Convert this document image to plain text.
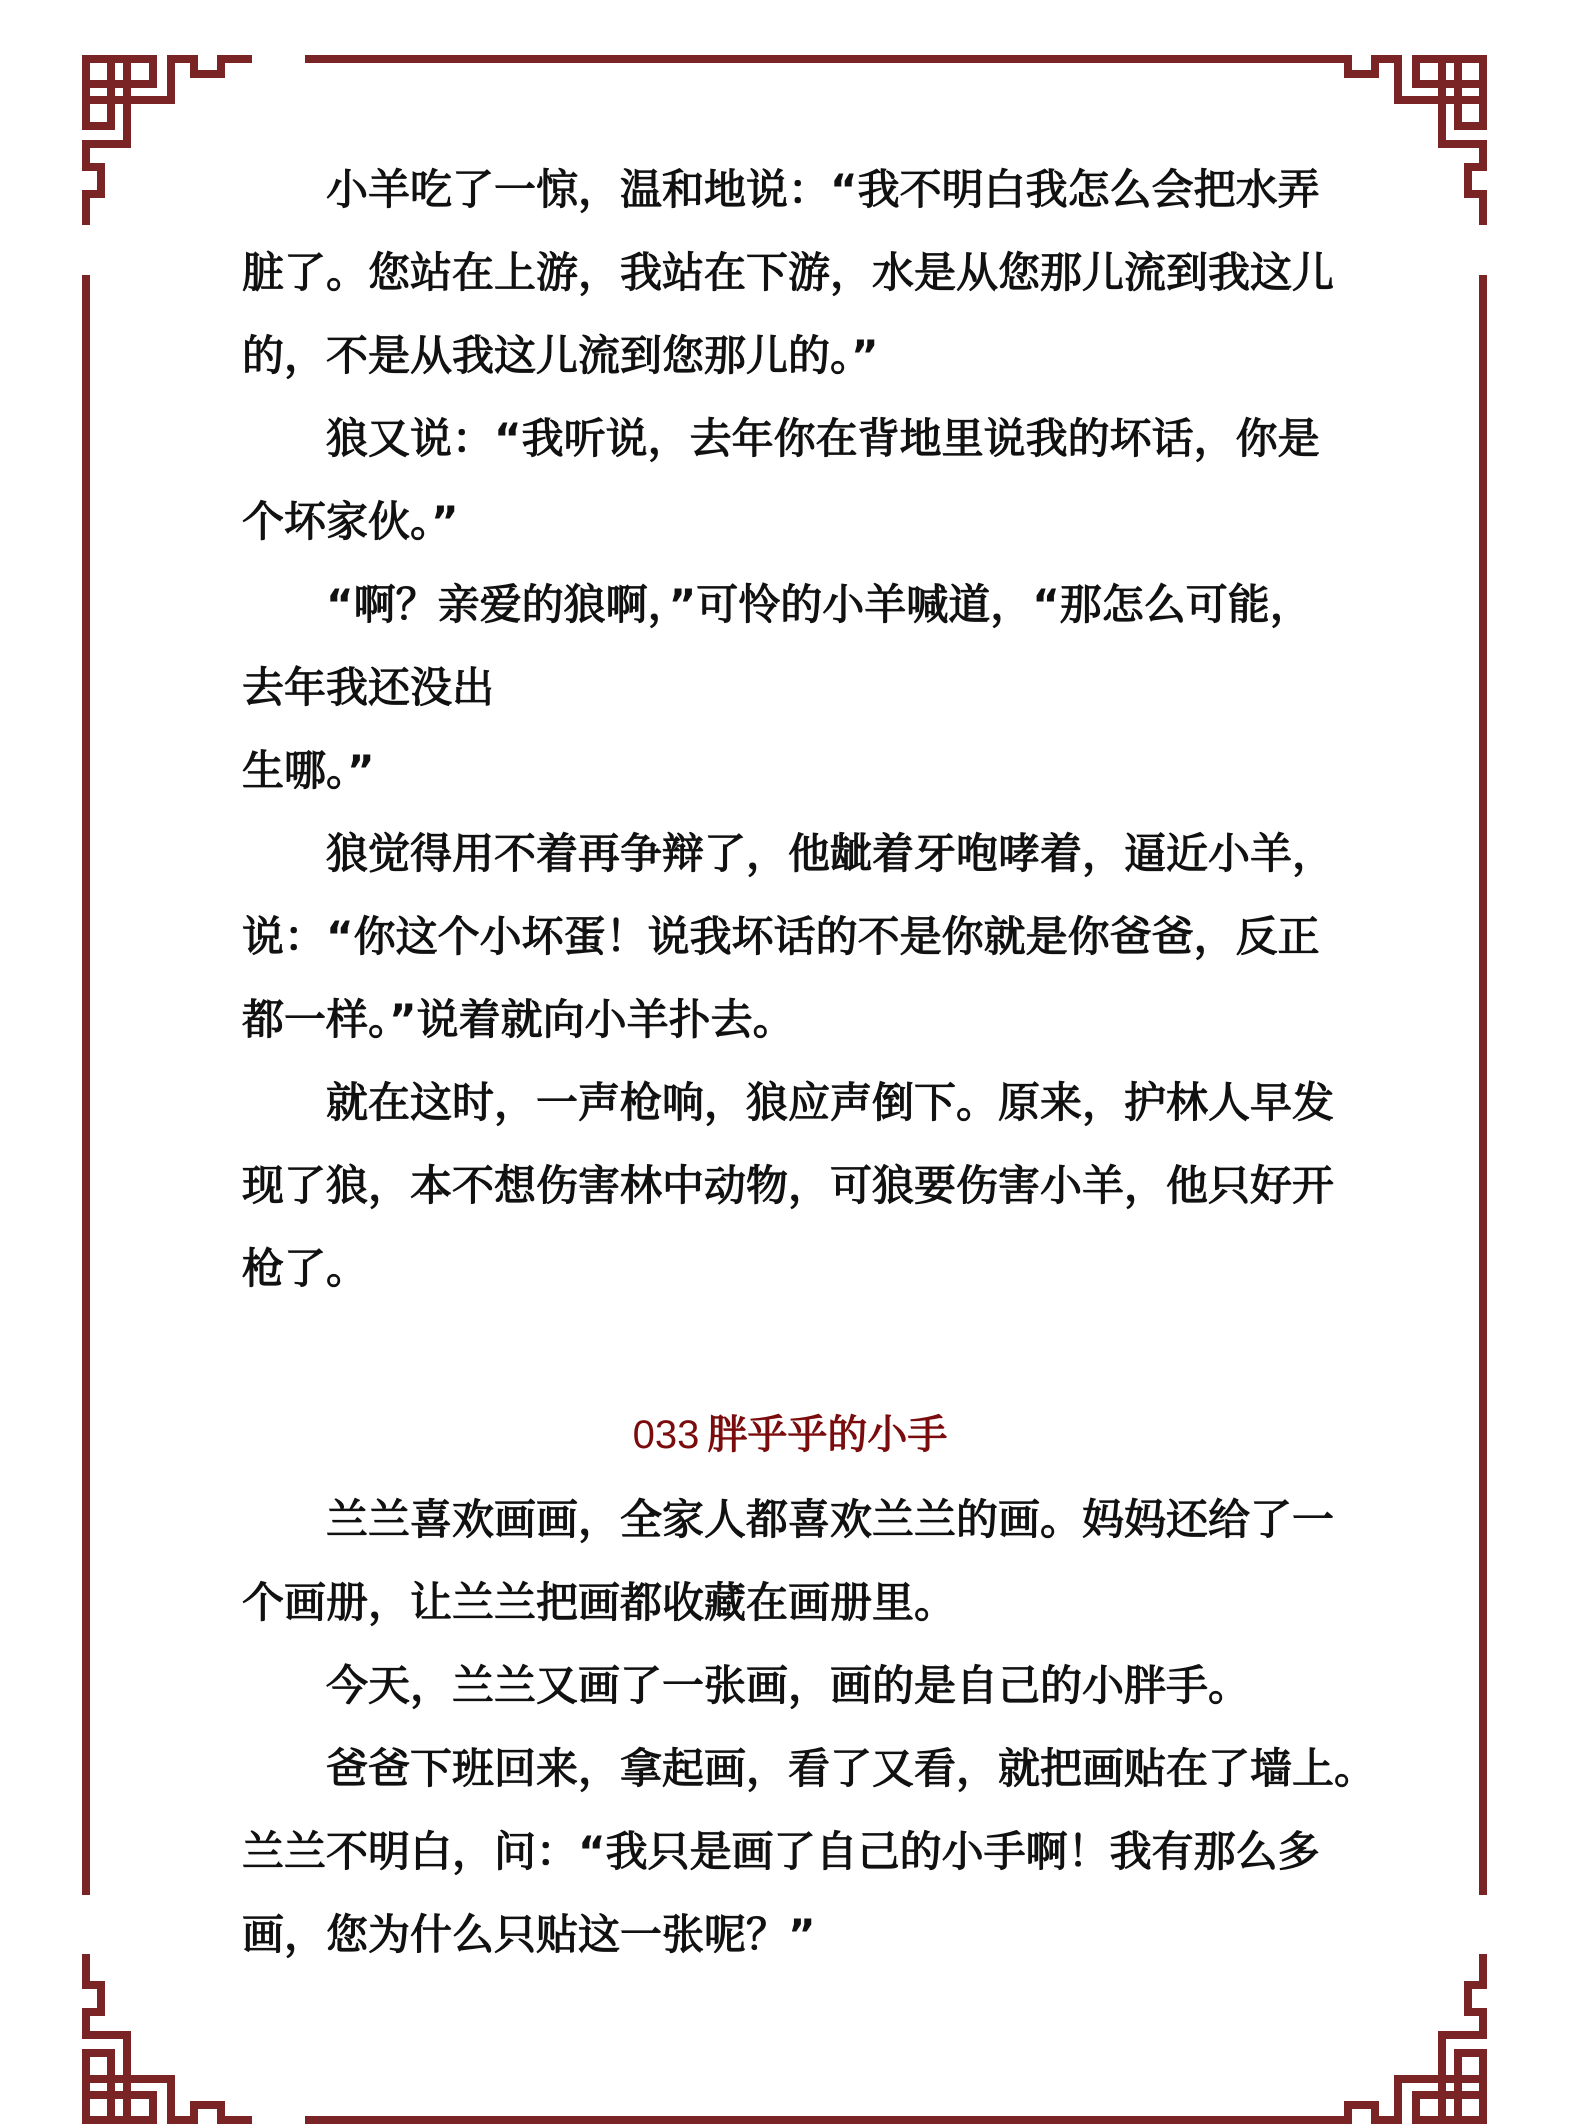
小羊吃了一惊，温和地说：“我不明白我怎么会把水弄
脏了。您站在上游，我站在下游，水是从您那儿流到我这儿
的，不是从我这儿流到您那儿的。”
狼又说：“我听说，去年你在背地里说我的坏话，你是
个坏家伙。”
“啊？亲爱的狼啊，”可怜的小羊喊道，“那怎么可能，
去年我还没出
生哪。”
狼觉得用不着再争辩了，他龇着牙咆哮着，逼近小羊，
说：“你这个小坏蛋！说我坏话的不是你就是你爸爸，反正
都一样。”说着就向小羊扑去。
就在这时，一声枪响，狼应声倒下。原来，护林人早发
现了狼，本不想伤害林中动物，可狼要伤害小羊，他只好开
枪了。
033 胖乎乎的小手
兰兰喜欢画画，全家人都喜欢兰兰的画。妈妈还给了一
个画册，让兰兰把画都收藏在画册里。
今天，兰兰又画了一张画，画的是自己的小胖手。
爸爸下班回来，拿起画，看了又看，就把画贴在了墙上。
兰兰不明白，问：“我只是画了自己的小手啊！我有那么多
画，您为什么只贴这一张呢？”
